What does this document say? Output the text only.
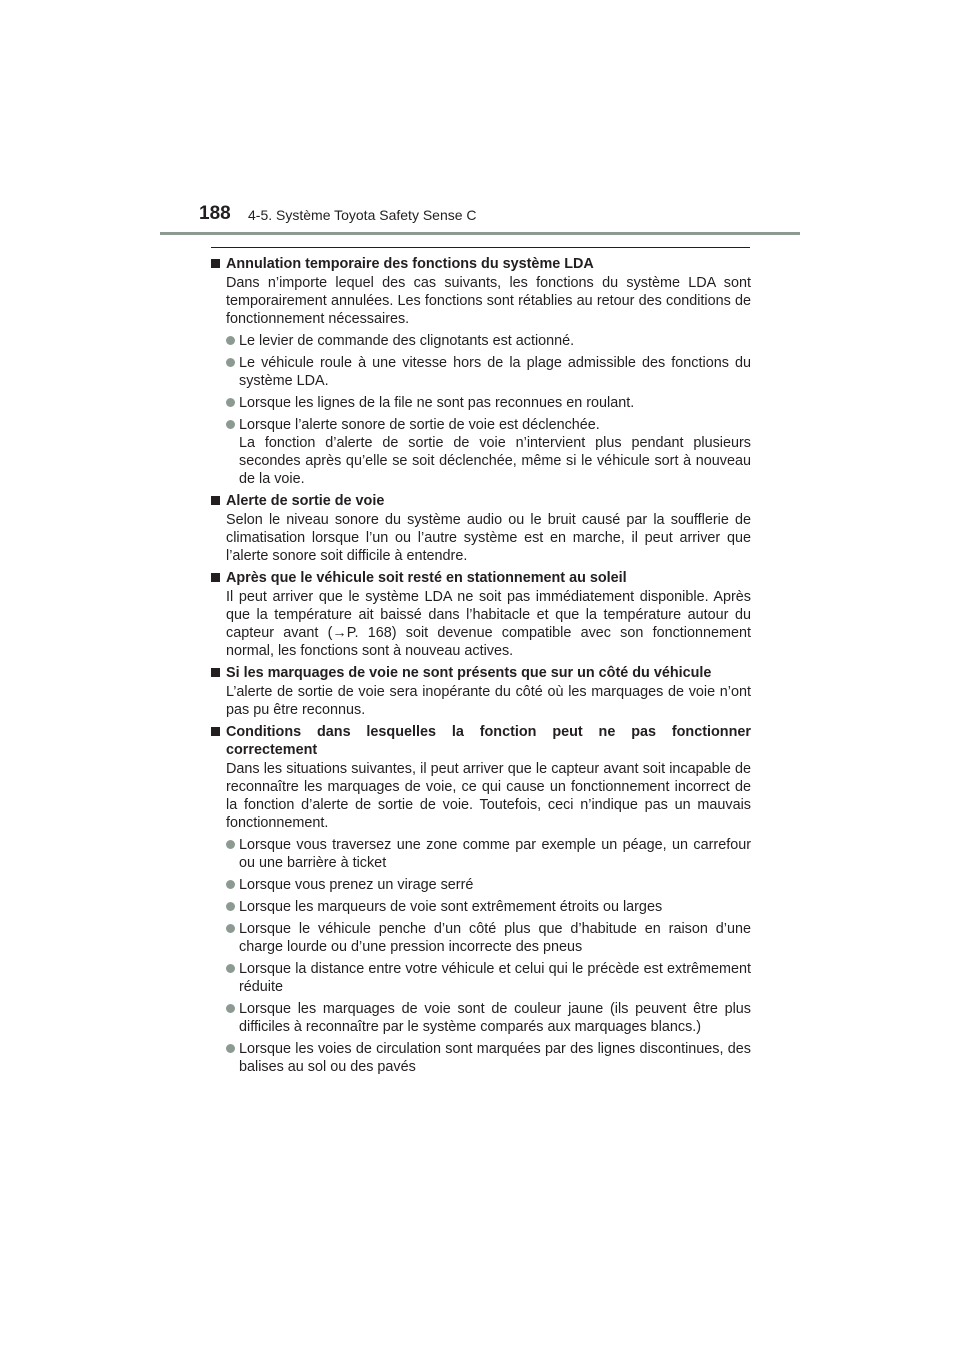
188 4-5. Système Toyota Safety Sense C
Annulation temporaire des fonctions du système LDA

Dans n’importe lequel des cas suivants, les fonctions du système LDA sont temporairement annulées. Les fonctions sont rétablies au retour des conditions de fonctionnement nécessaires.

Le levier de commande des clignotants est actionné.
Le véhicule roule à une vitesse hors de la plage admissible des fonctions du système LDA.
Lorsque les lignes de la file ne sont pas reconnues en roulant.
Lorsque l’alerte sonore de sortie de voie est déclenchée.
La fonction d’alerte de sortie de voie n’intervient plus pendant plusieurs secondes après qu’elle se soit déclenchée, même si le véhicule sort à nouveau de la voie.
Alerte de sortie de voie

Selon le niveau sonore du système audio ou le bruit causé par la soufflerie de climatisation lorsque l’un ou l’autre système est en marche, il peut arriver que l’alerte sonore soit difficile à entendre.

Après que le véhicule soit resté en stationnement au soleil

Il peut arriver que le système LDA ne soit pas immédiatement disponible. Après que la température ait baissé dans l’habitacle et que la température autour du capteur avant (→P. 168) soit devenue compatible avec son fonctionnement normal, les fonctions sont à nouveau actives.

Si les marquages de voie ne sont présents que sur un côté du véhicule

L’alerte de sortie de voie sera inopérante du côté où les marquages de voie n’ont pas pu être reconnus.

Conditions dans lesquelles la fonction peut ne pas fonctionner correctement

Dans les situations suivantes, il peut arriver que le capteur avant soit incapable de reconnaître les marquages de voie, ce qui cause un fonctionnement incorrect de la fonction d’alerte de sortie de voie. Toutefois, ceci n’indique pas un mauvais fonctionnement.

Lorsque vous traversez une zone comme par exemple un péage, un carrefour ou une barrière à ticket
Lorsque vous prenez un virage serré
Lorsque les marqueurs de voie sont extrêmement étroits ou larges
Lorsque le véhicule penche d’un côté plus que d’habitude en raison d’une charge lourde ou d’une pression incorrecte des pneus
Lorsque la distance entre votre véhicule et celui qui le précède est extrêmement réduite
Lorsque les marquages de voie sont de couleur jaune (ils peuvent être plus difficiles à reconnaître par le système comparés aux marquages blancs.)
Lorsque les voies de circulation sont marquées par des lignes discontinues, des balises au sol ou des pavés
